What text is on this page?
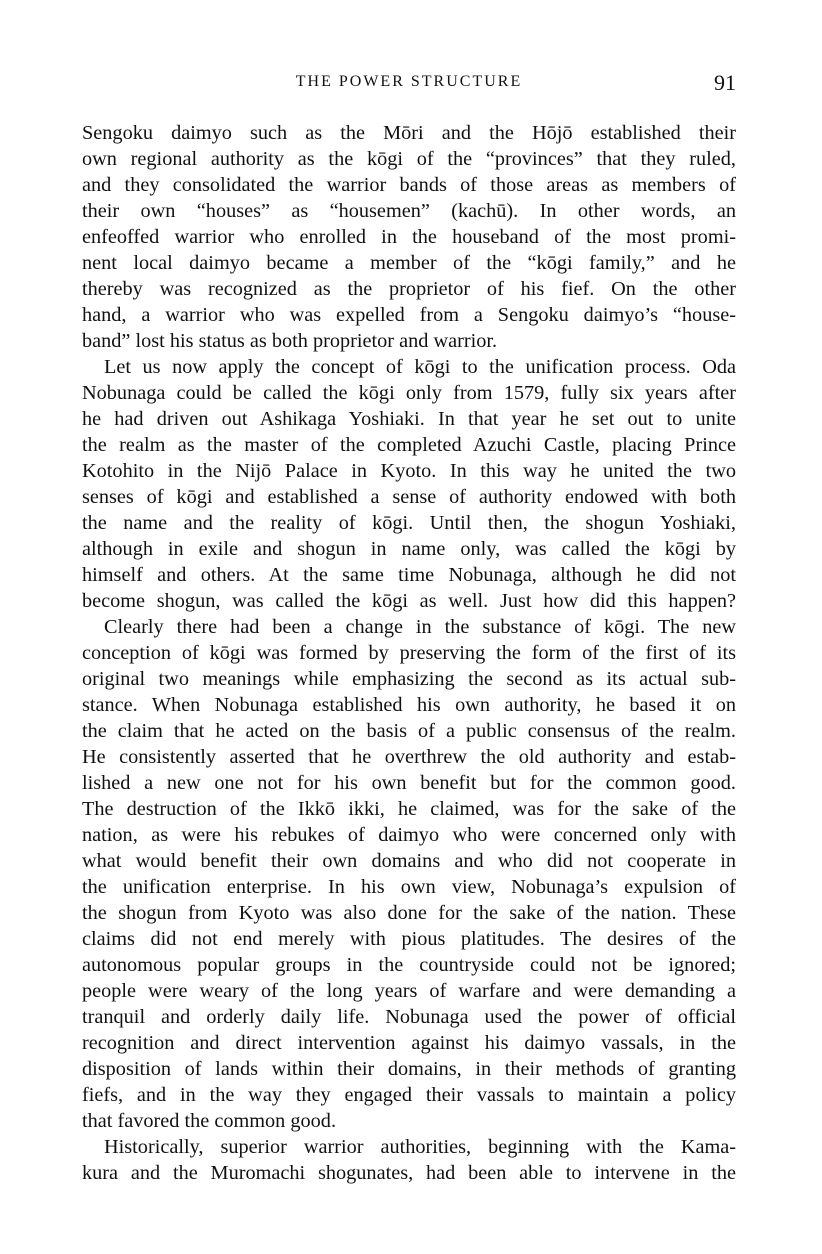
THE POWER STRUCTURE	91
Sengoku daimyo such as the Mōri and the Hōjō established their
own regional authority as the kōgi of the “provinces” that they ruled,
and they consolidated the warrior bands of those areas as members of
their own “houses” as “housemen” (kachū). In other words, an
enfeoffed warrior who enrolled in the houseband of the most promi-
nent local daimyo became a member of the “kōgi family,” and he
thereby was recognized as the proprietor of his fief. On the other
hand, a warrior who was expelled from a Sengoku daimyo’s “house-
band” lost his status as both proprietor and warrior.
Let us now apply the concept of kōgi to the unification process. Oda
Nobunaga could be called the kōgi only from 1579, fully six years after
he had driven out Ashikaga Yoshiaki. In that year he set out to unite
the realm as the master of the completed Azuchi Castle, placing Prince
Kotohito in the Nijō Palace in Kyoto. In this way he united the two
senses of kōgi and established a sense of authority endowed with both
the name and the reality of kōgi. Until then, the shogun Yoshiaki,
although in exile and shogun in name only, was called the kōgi by
himself and others. At the same time Nobunaga, although he did not
become shogun, was called the kōgi as well. Just how did this happen?
Clearly there had been a change in the substance of kōgi. The new
conception of kōgi was formed by preserving the form of the first of its
original two meanings while emphasizing the second as its actual sub-
stance. When Nobunaga established his own authority, he based it on
the claim that he acted on the basis of a public consensus of the realm.
He consistently asserted that he overthrew the old authority and estab-
lished a new one not for his own benefit but for the common good.
The destruction of the Ikkō ikki, he claimed, was for the sake of the
nation, as were his rebukes of daimyo who were concerned only with
what would benefit their own domains and who did not cooperate in
the unification enterprise. In his own view, Nobunaga’s expulsion of
the shogun from Kyoto was also done for the sake of the nation. These
claims did not end merely with pious platitudes. The desires of the
autonomous popular groups in the countryside could not be ignored;
people were weary of the long years of warfare and were demanding a
tranquil and orderly daily life. Nobunaga used the power of official
recognition and direct intervention against his daimyo vassals, in the
disposition of lands within their domains, in their methods of granting
fiefs, and in the way they engaged their vassals to maintain a policy
that favored the common good.
Historically, superior warrior authorities, beginning with the Kama-
kura and the Muromachi shogunates, had been able to intervene in the
